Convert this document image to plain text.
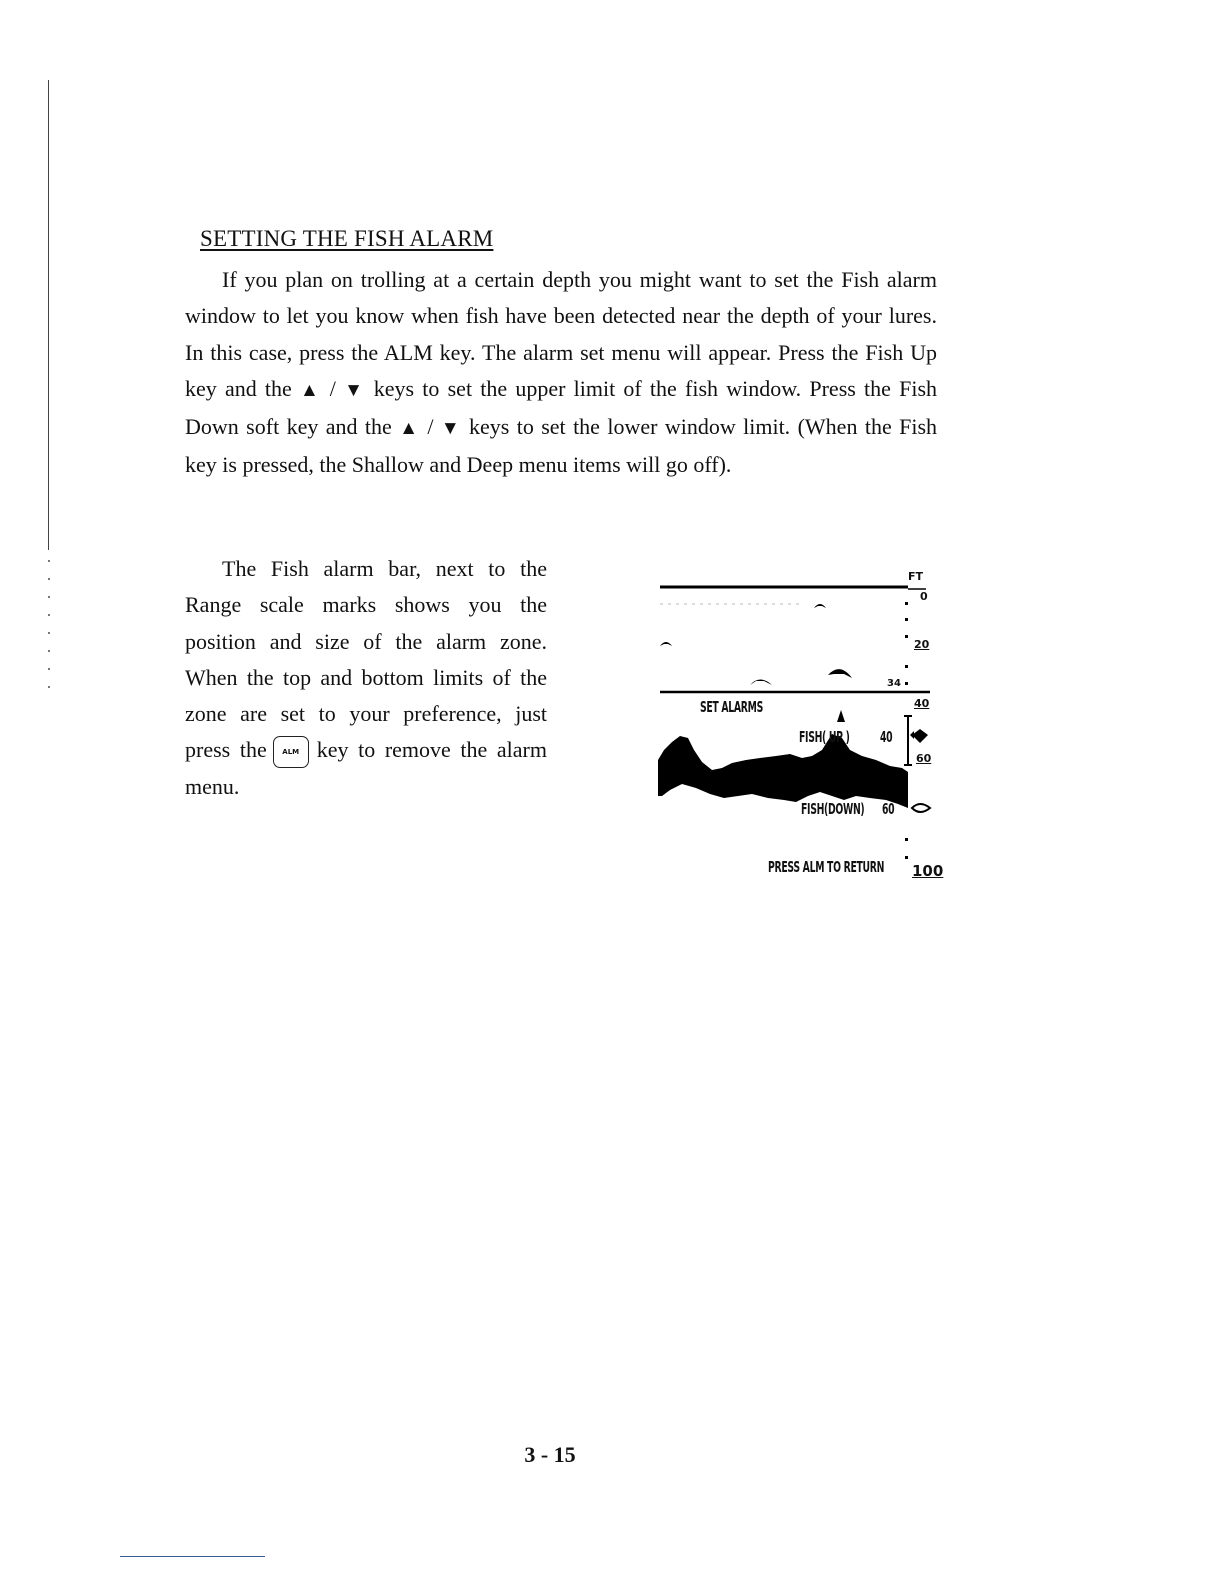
SETTING THE FISH ALARM

If you plan on trolling at a certain depth you might want to set the Fish alarm window to let you know when fish have been detected near the depth of your lures. In this case, press the ALM key. The alarm set menu will appear. Press the Fish Up key and the ▲ / ▼ keys to set the upper limit of the fish window. Press the Fish Down soft key and the ▲ / ▼ keys to set the lower window limit. (When the Fish key is pressed, the Shallow and Deep menu items will go off).

The Fish alarm bar, next to the Range scale marks shows you the position and size of the alarm zone. When the top and bottom limits of the zone are set to your preference, just press the ALM key to remove the alarm menu.

FT
0
20
34
40
60
100
SET ALARMS
FISH( UP ) 40
FISH(DOWN) 60
PRESS ALM TO RETURN
3 - 15
